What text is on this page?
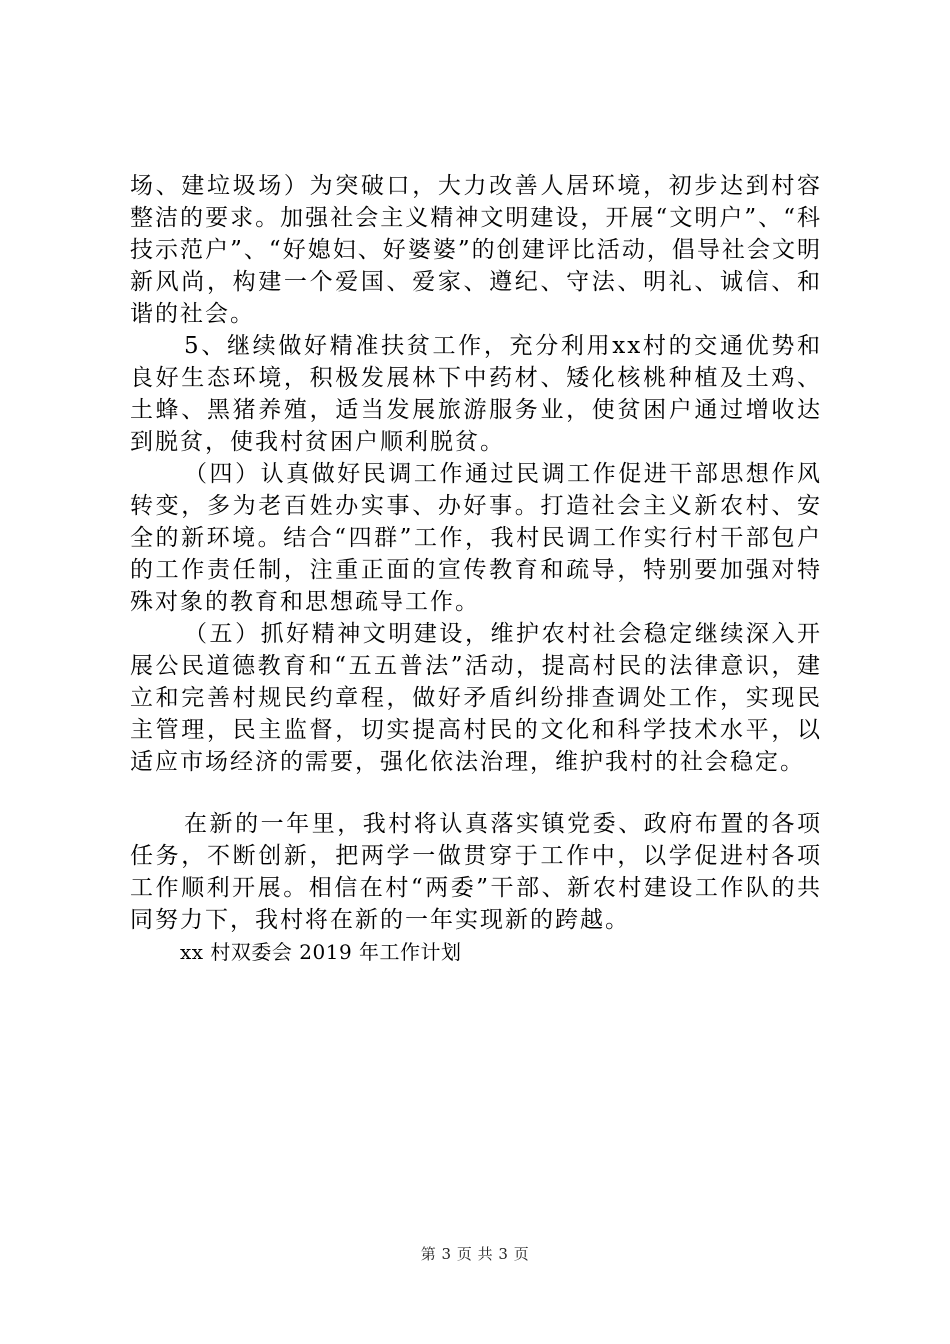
场、建垃圾场）为突破口，大力改善人居环境，初步达到村容整洁的要求。加强社会主义精神文明建设，开展“文明户”、“科技示范户”、“好媳妇、好婆婆”的创建评比活动，倡导社会文明新风尚，构建一个爱国、爱家、遵纪、守法、明礼、诚信、和谐的社会。

5、继续做好精准扶贫工作，充分利用xx村的交通优势和良好生态环境，积极发展林下中药材、矮化核桃种植及土鸡、土蜂、黑猪养殖，适当发展旅游服务业，使贫困户通过增收达到脱贫，使我村贫困户顺利脱贫。

（四）认真做好民调工作通过民调工作促进干部思想作风转变，多为老百姓办实事、办好事。打造社会主义新农村、安全的新环境。结合“四群”工作，我村民调工作实行村干部包户的工作责任制，注重正面的宣传教育和疏导，特别要加强对特殊对象的教育和思想疏导工作。

（五）抓好精神文明建设，维护农村社会稳定继续深入开展公民道德教育和“五五普法”活动，提高村民的法律意识，建立和完善村规民约章程，做好矛盾纠纷排查调处工作，实现民主管理，民主监督，切实提高村民的文化和科学技术水平，以适应市场经济的需要，强化依法治理，维护我村的社会稳定。

在新的一年里，我村将认真落实镇党委、政府布置的各项任务，不断创新，把两学一做贯穿于工作中，以学促进村各项工作顺利开展。相信在村“两委”干部、新农村建设工作队的共同努力下，我村将在新的一年实现新的跨越。

xx 村双委会 2019 年工作计划

第 3 页 共 3 页
